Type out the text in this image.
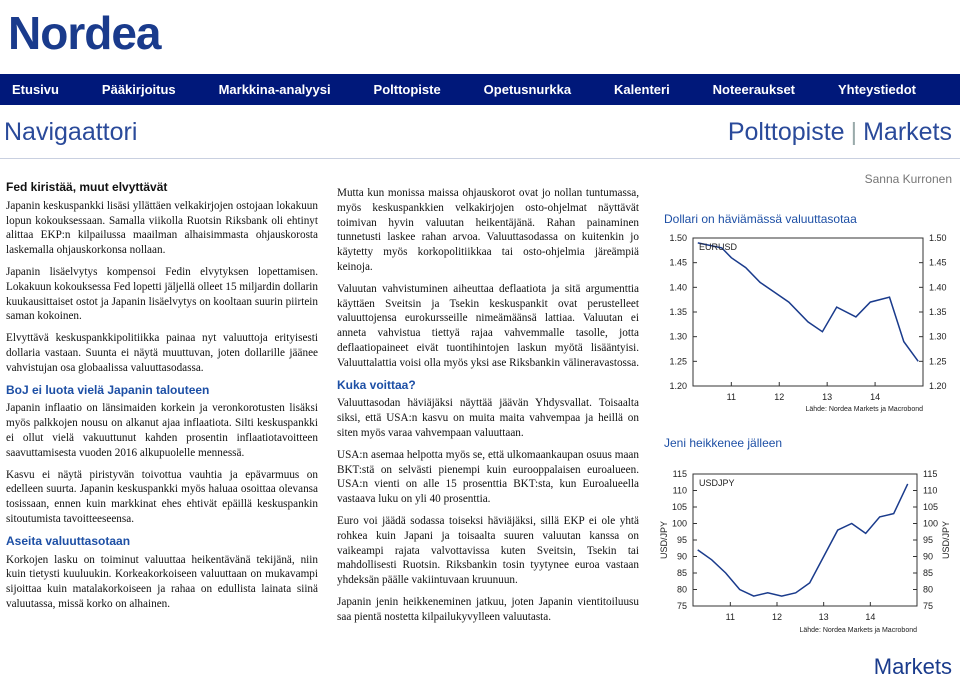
Nordea
Etusivu	Pääkirjoitus	Markkina-analyysi	Polttopiste	Opetusnurkka	Kalenteri	Noteeraukset	Yhteystiedot
Navigaattori	Polttopiste | Markets
Sanna Kurronen
Fed kiristää, muut elvyttävät

Japanin keskuspankki lisäsi yllättäen velkakirjojen ostojaan lokakuun lopun kokouksessaan. Samalla viikolla Ruotsin Riksbank oli ehtinyt alittaa EKP:n kilpailussa maailman alhaisimmasta ohjauskorosta laskemalla ohjauskorkonsa nollaan.

Japanin lisäelvytys kompensoi Fedin elvytyksen lopettamisen. Lokakuun kokouksessa Fed lopetti jäljellä olleet 15 miljardin dollarin kuukausittaiset ostot ja Japanin lisäelvytys on kooltaan suurin piirtein saman kokoinen.

Elvyttävä keskuspankkipolitiikka painaa nyt valuuttoja erityisesti dollaria vastaan. Suunta ei näytä muuttuvan, joten dollarille jäänee vahvistujan osa globaalissa valuuttasodassa.

BoJ ei luota vielä Japanin talouteen

Japanin inflaatio on länsimaiden korkein ja veronkorotusten lisäksi myös palkkojen nousu on alkanut ajaa inflaatiota. Silti keskuspankki ei ollut vielä vakuuttunut kahden prosentin inflaatiotavoitteen saavuttamisesta vuoden 2016 alkupuolelle mennessä.

Kasvu ei näytä piristyvän toivottua vauhtia ja epävarmuus on edelleen suurta. Japanin keskuspankki myös haluaa osoittaa olevansa tosissaan, ennen kuin markkinat ehes ehtivät epäillä keskuspankin sitoutumista tavoitteeseensa.

Aseita valuuttasotaan

Korkojen lasku on toiminut valuuttaa heikentävänä tekijänä, niin kuin tietysti kuuluukin. Korkeakorkoiseen valuuttaan on mukavampi sijoittaa kuin matalakorkoiseen ja rahaa on edullista lainata siinä valuutassa, missä korko on alhainen.

Mutta kun monissa maissa ohjauskorot ovat jo nollan tuntumassa, myös keskuspankkien velkakirjojen osto-ohjelmat näyttävät toimivan hyvin valuutan heikentäjänä. Rahan painaminen tunnetusti laskee rahan arvoa. Valuuttasodassa on kuitenkin jo käytetty myös korkopolitiikkaa tai osto-ohjelmia järeämpiä keinoja.

Valuutan vahvistuminen aiheuttaa deflaatiota ja sitä argumenttia käyttäen Sveitsin ja Tsekin keskuspankit ovat perustelleet valuuttojensa eurokursseille nimeämäänsä lattiaa. Valuutan ei anneta vahvistua tiettyä rajaa vahvemmalle tasolle, jotta deflaatiopaineet eivät tuontihintojen laskun myötä lisääntyisi. Valuuttalattia voisi olla myös yksi ase Riksbankin välineravastossa.

Kuka voittaa?

Valuuttasodan häviäjäksi näyttää jäävän Yhdysvallat. Toisaalta siksi, että USA:n kasvu on muita maita vahvempaa ja heillä on siten myös varaa vahvempaan valuuttaan.

USA:n asemaa helpotta myös se, että ulkomaankaupan osuus maan BKT:stä on selvästi pienempi kuin eurooppalaisen euroalueen. USA:n vienti on alle 15 prosenttia BKT:sta, kun Euroalueella vastaava luku on yli 40 prosenttia.

Euro voi jäädä sodassa toiseksi häviäjäksi, sillä EKP ei ole yhtä rohkea kuin Japani ja toisaalta suuren valuutan kanssa on vaikeampi rajata valvottavissa kuten Sveitsin, Tsekin tai mahdollisesti Ruotsin. Riksbankin tosin tyytynee euroa vastaan yhdeksän päälle vakiintuvaan kruunuun.

Japanin jenin heikkeneminen jatkuu, joten Japanin vientitoiluusu saa pientä nostetta kilpailukyvylleen valuutasta.

Dollari on häviämässä valuuttasotaa
1.50	1.50
1.45	1.45
1.40	1.40
1.35	1.35
1.30	1.30
1.25	1.25
1.20	1.20
11	12	13	14
EURUSD
Lähde: Nordea Markets ja Macrobond
Jeni heikkenee jälleen
115	115
110	110
105	105
100	100
95	95
90	90
85	85
80	80
75	75
11	12	13	14
USDJPY
USD/JPY	USD/JPY
Lähde: Nordea Markets ja Macrobond
Markets
